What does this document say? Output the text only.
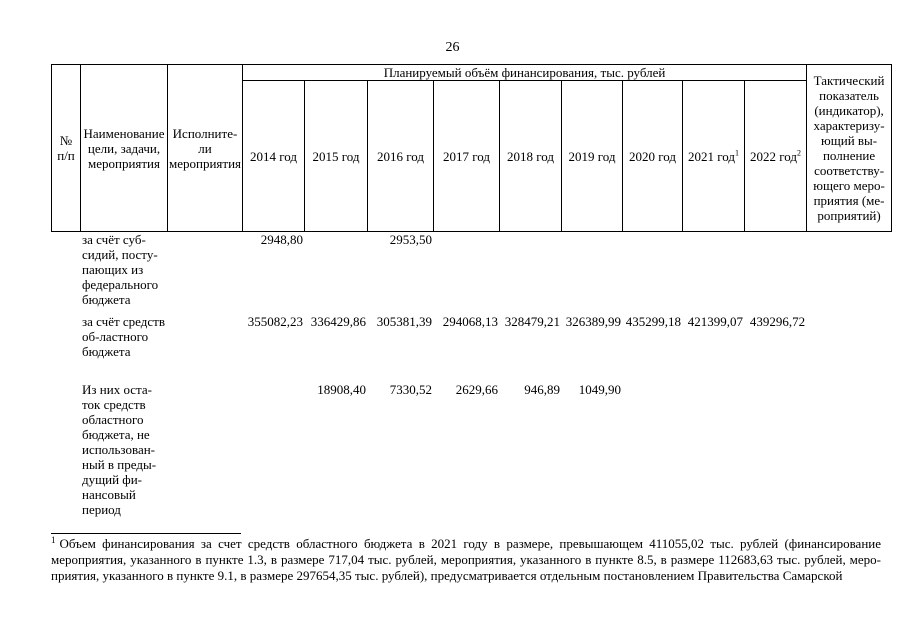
26
№ п/п	Наименование цели, задачи, мероприятия	Исполните-ли мероприятия	Планируемый объём финансирования, тыс. рублей									Тактический показатель (индикатор), характеризу-ющий вы-полнение соответству-ющего меро-приятия (ме-роприятий)
			2014 год	2015 год	2016 год	2017 год	2018 год	2019 год	2020 год	2021 год$^1$	2022 год$^2$
	за счёт суб-сидий, посту-пающих из федерального бюджета		2948,80		2953,50							
	за счёт средств об-ластного бюджета		355082,23	336429,86	305381,39	294068,13	328479,21	326389,99	435299,18	421399,07	439296,72	
	Из них оста-ток средств областного бюджета, не использован-ный в преды-дущий фи-нансовый период			18908,40	7330,52	2629,66	946,89	1049,90				
$^1$ Объем финансирования за счет средств областного бюджета в 2021 году в размере, превышающем 411055,02 тыс. рублей (финансирование мероприятия, указанного в пункте 1.3, в размере 717,04 тыс. рублей, мероприятия, указанного в пункте 8.5, в размере 112683,63 тыс. рублей, меро-приятия, указанного в пункте 9.1, в размере 297654,35 тыс. рублей), предусматривается отдельным постановлением Правительства Самарской
